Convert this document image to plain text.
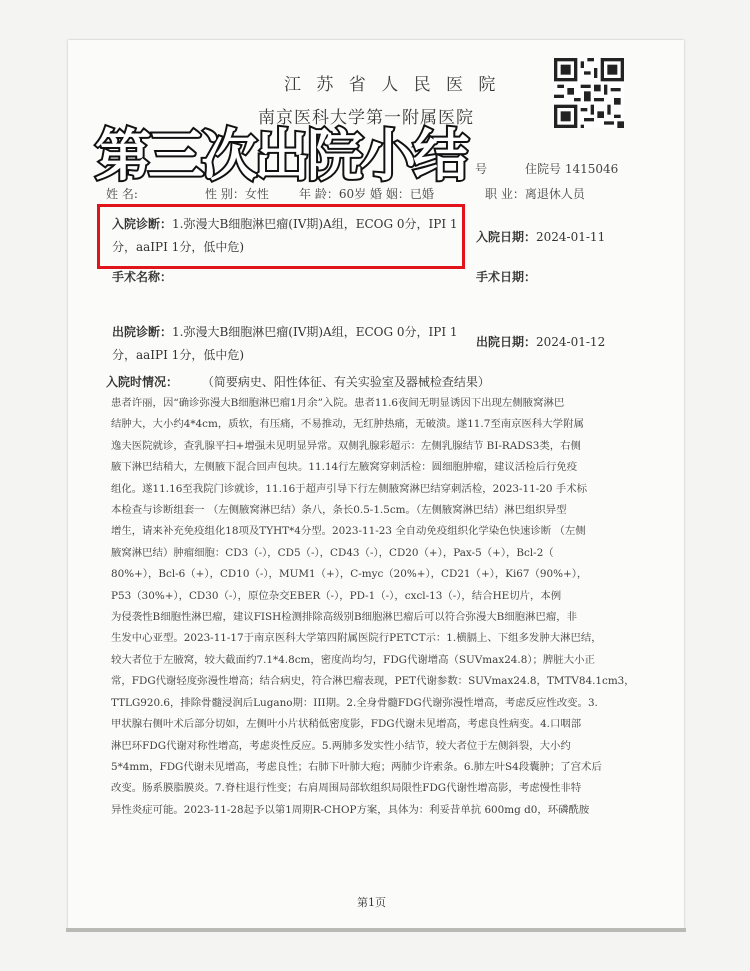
江 苏 省 人 民 医 院
南京医科大学第一附属医院
号	住院号 1415046
第三次出院小结
姓 名:	性 别：女性	年 龄：60岁 婚 姻：已婚	职 业：离退休人员
入院诊断：1.弥漫大B细胞淋巴瘤(IV期)A组，ECOG 0分，IPI 1
分，aaIPI 1分，低中危)
入院日期：2024-01-11
手术名称：	手术日期：
出院诊断：1.弥漫大B细胞淋巴瘤(IV期)A组，ECOG 0分，IPI 1
分，aaIPI 1分，低中危)
出院日期：2024-01-12
入院时情况： （简要病史、阳性体征、有关实验室及器械检查结果）
患者许丽，因“确诊弥漫大B细胞淋巴瘤1月余”入院。患者11.6夜间无明显诱因下出现左侧腋窝淋巴
结肿大，大小约4*4cm，质软，有压痛，不易推动，无红肿热痛，无破溃。遂11.7至南京医科大学附属
逸夫医院就诊，查乳腺平扫+增强未见明显异常。双侧乳腺彩超示：左侧乳腺结节 BI-RADS3类，右侧
腋下淋巴结稍大，左侧腋下混合回声包块。11.14行左腋窝穿刺活检：圆细胞肿瘤，建议活检后行免疫
组化。遂11.16至我院门诊就诊，11.16于超声引导下行左侧腋窝淋巴结穿刺活检，2023-11-20 手术标
本检查与诊断组套一 （左侧腋窝淋巴结）条八，条长0.5-1.5cm。（左侧腋窝淋巴结）淋巴组织异型
增生，请来补充免疫组化18项及TYHT*4分型。2023-11-23 全自动免疫组织化学染色快速诊断 （左侧
腋窝淋巴结）肿瘤细胞：CD3（-），CD5（-），CD43（-），CD20（+），Pax-5（+），Bcl-2（
80%+），Bcl-6（+），CD10（-），MUM1（+），C-myc（20%+），CD21（+），Ki67（90%+），
P53（30%+），CD30（-），原位杂交EBER（-），PD-1（-），cxcl-13（-），结合HE切片，本例
为侵袭性B细胞性淋巴瘤，建议FISH检测排除高级别B细胞淋巴瘤后可以符合弥漫大B细胞淋巴瘤，非
生发中心亚型。2023-11-17于南京医科大学第四附属医院行PETCT示：1.横膈上、下组多发肿大淋巴结，
较大者位于左腋窝，较大截面约7.1*4.8cm，密度尚均匀，FDG代谢增高（SUVmax24.8）；脾脏大小正
常，FDG代谢轻度弥漫性增高；结合病史，符合淋巴瘤表现，PET代谢参数：SUVmax24.8，TMTV84.1cm3，
TTLG920.6，排除骨髓浸润后Lugano期：III期。2.全身骨髓FDG代谢弥漫性增高，考虑反应性改变。3.
甲状腺右侧叶术后部分切如，左侧叶小片状稍低密度影，FDG代谢未见增高，考虑良性病变。4.口咽部
淋巴环FDG代谢对称性增高，考虑炎性反应。5.两肺多发实性小结节，较大者位于左侧斜裂，大小约
5*4mm，FDG代谢未见增高，考虑良性；右肺下叶肺大疱；两肺少许索条。6.肺左叶S4段囊肿；了宫术后
改变。肠系膜脂膜炎。7.脊柱退行性变；右肩周围局部软组织局限性FDG代谢性增高影，考虑慢性非特
异性炎症可能。2023-11-28起予以第1周期R-CHOP方案，具体为：利妥昔单抗 600mg d0，环磷酰胺
第1页
